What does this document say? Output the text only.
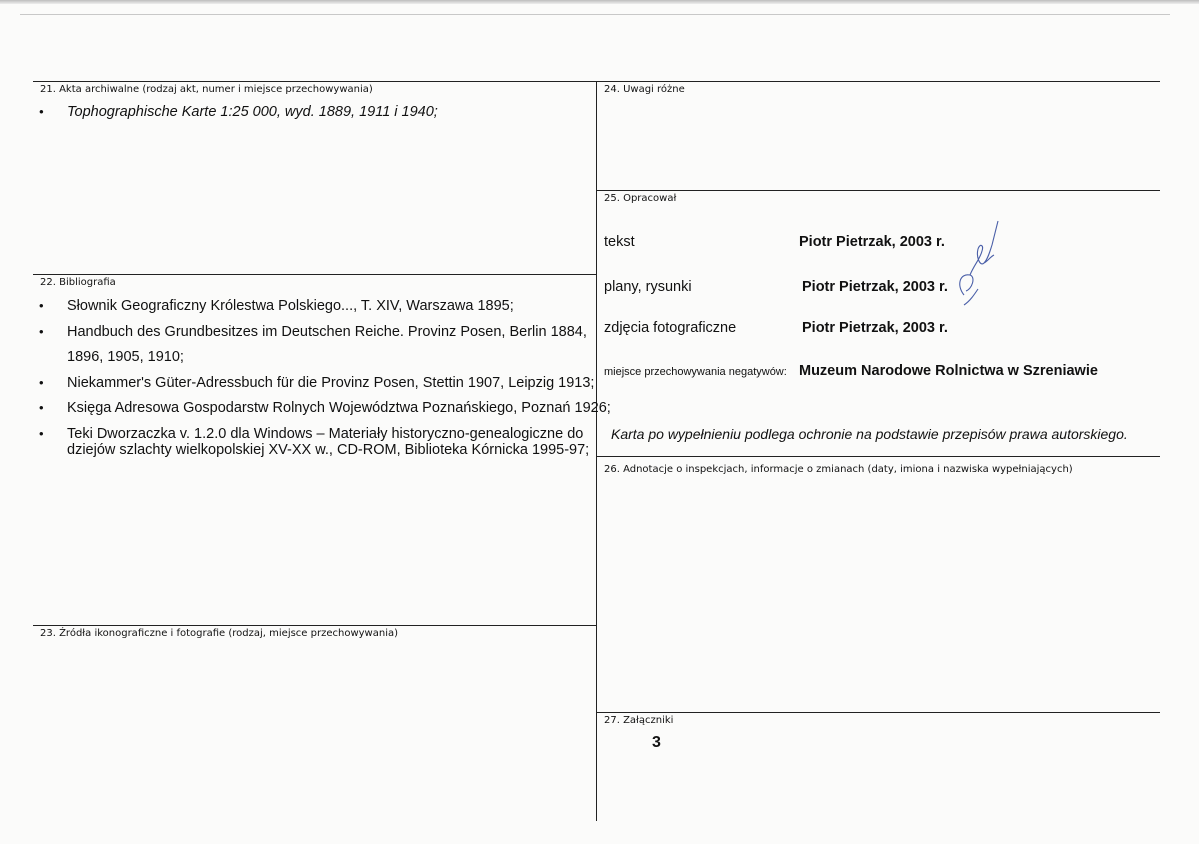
21. Akta archiwalne (rodzaj akt, numer i miejsce przechowywania)
• Tophographische Karte 1:25 000, wyd. 1889, 1911 i 1940;
22. Bibliografia
• Słownik Geograficzny Królestwa Polskiego..., T. XIV, Warszawa 1895;
• Handbuch des Grundbesitzes im Deutschen Reiche. Provinz Posen, Berlin 1884,
1896, 1905, 1910;
• Niekammer's Güter-Adressbuch für die Provinz Posen, Stettin 1907, Leipzig 1913;
• Księga Adresowa Gospodarstw Rolnych Województwa Poznańskiego, Poznań 1926;
• Teki Dworzaczka v. 1.2.0 dla Windows – Materiały historyczno-genealogiczne do
dziejów szlachty wielkopolskiej XV-XX w., CD-ROM, Biblioteka Kórnicka 1995-97;
23. Źródła ikonograficzne i fotografie (rodzaj, miejsce przechowywania)
24. Uwagi różne
25. Opracował
tekst	Piotr Pietrzak, 2003 r.
plany, rysunki	Piotr Pietrzak, 2003 r.
zdjęcia fotograficzne	Piotr Pietrzak, 2003 r.
miejsce przechowywania negatywów: Muzeum Narodowe Rolnictwa w Szreniawie
Karta po wypełnieniu podlega ochronie na podstawie przepisów prawa autorskiego.
26. Adnotacje o inspekcjach, informacje o zmianach (daty, imiona i nazwiska wypełniających)
27. Załączniki
3
